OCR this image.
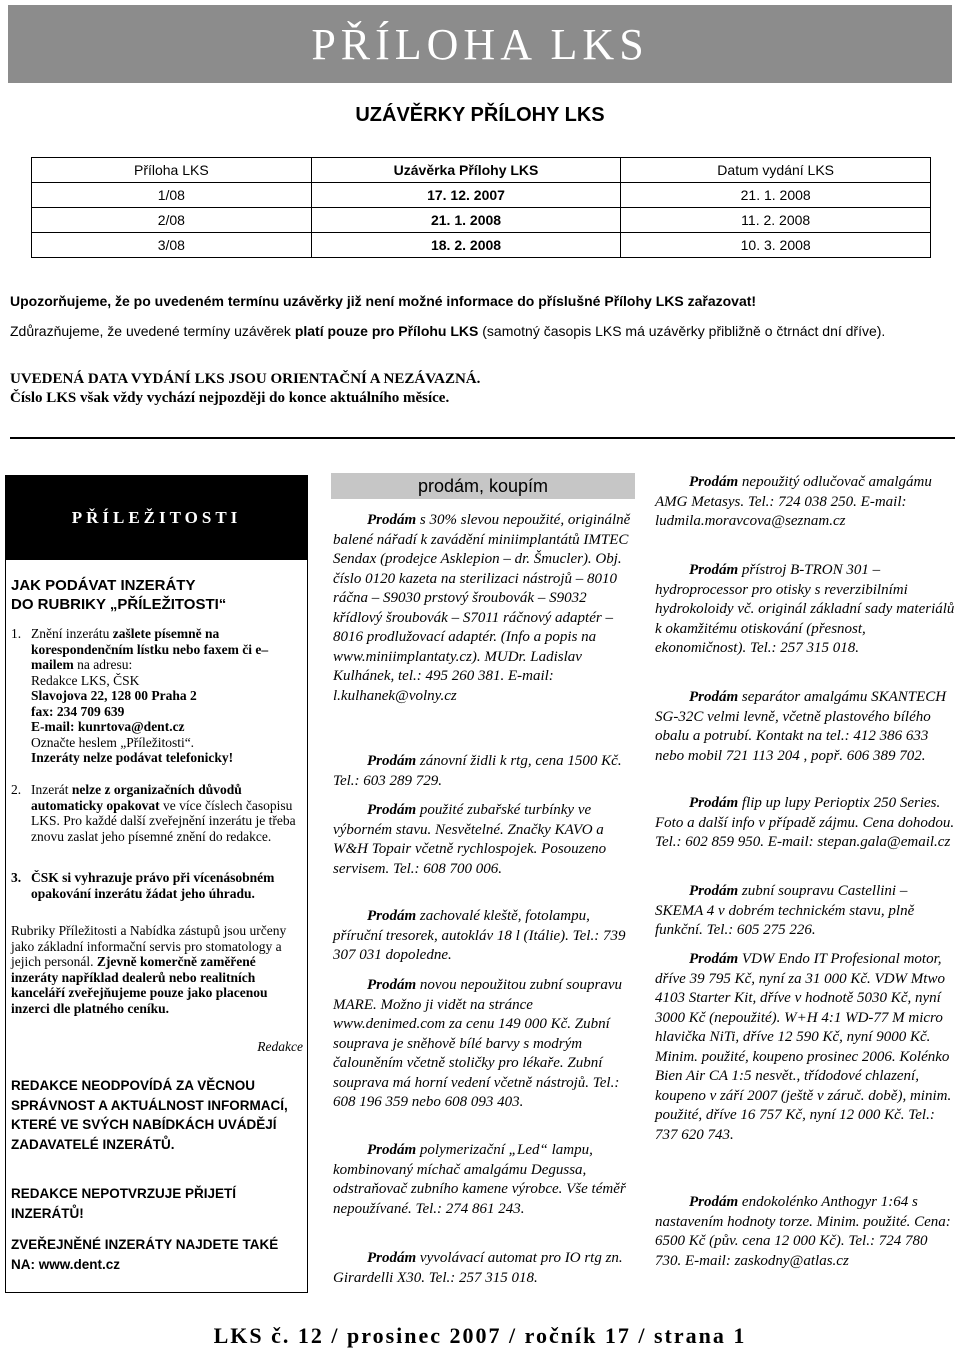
PŘÍLOHA LKS
UZÁVĚRKY PŘÍLOHY LKS
Příloha LKS	Uzávěrka Přílohy LKS	Datum vydání LKS
1/08	17. 12. 2007	21. 1. 2008
2/08	21. 1. 2008	11. 2. 2008
3/08	18. 2. 2008	10. 3. 2008
Upozorňujeme, že po uvedeném termínu uzávěrky již není možné informace do příslušné Přílohy LKS zařazovat!
Zdůrazňujeme, že uvedené termíny uzávěrek platí pouze pro Přílohu LKS (samotný časopis LKS má uzávěrky přibližně o čtrnáct dní dříve).
UVEDENÁ DATA VYDÁNÍ LKS JSOU ORIENTAČNÍ A NEZÁVAZNÁ.
Číslo LKS však vždy vychází nejpozději do konce aktuálního měsíce.
PŘÍLEŽITOSTI
JAK PODÁVAT INZERÁTY
DO RUBRIKY „PŘÍLEŽITOSTI“
1. Znění inzerátu zašlete písemně na korespondenčním lístku nebo faxem či e–mailem na adresu:
Redakce LKS, ČSK
Slavojova 22, 128 00 Praha 2
fax: 234 709 639
E-mail: kunrtova@dent.cz
Označte heslem „Příležitosti“.
Inzeráty nelze podávat telefonicky!
2. Inzerát nelze z organizačních důvodů automaticky opakovat ve více číslech časopisu LKS. Pro každé další zveřejnění inzerátu je třeba znovu zaslat jeho písemné znění do redakce.
3. ČSK si vyhrazuje právo při vícenásobném opakování inzerátu žádat jeho úhradu.
Rubriky Příležitosti a Nabídka zástupů jsou určeny jako základní informační servis pro stomatology a jejich personál. Zjevně komerčně zaměřené inzeráty například dealerů nebo realitních kanceláří zveřejňujeme pouze jako placenou inzerci dle platného ceníku.
Redakce
REDAKCE NEODPOVÍDÁ ZA VĚCNOU SPRÁVNOST A AKTUÁLNOST INFORMACÍ, KTERÉ VE SVÝCH NABÍDKÁCH UVÁDĚJÍ ZADAVATELÉ INZERÁTŮ.
REDAKCE NEPOTVRZUJE PŘIJETÍ INZERÁTŮ!
ZVEŘEJNĚNÉ INZERÁTY NAJDETE TAKÉ NA: www.dent.cz
prodám, koupím
Prodám s 30% slevou nepoužité, originálně balené nářadí k zavádění miniimplantátů IMTEC Sendax (prodejce Asklepion – dr. Šmucler). Obj. číslo 0120 kazeta na sterilizaci nástrojů – 8010 ráčna – S9030 prstový šroubovák – S9032 křídlový šroubovák – S7011 ráčnový adaptér – 8016 prodlužovací adaptér. (Info a popis na www.miniimplantaty.cz). MUDr. Ladislav Kulhánek, tel.: 495 260 381. E-mail: l.kulhanek@volny.cz
Prodám zánovní židli k rtg, cena 1500 Kč. Tel.: 603 289 729.
Prodám použité zubařské turbínky ve výborném stavu. Nesvětelné. Značky KAVO a W&H Topair včetně rychlospojek. Posouzeno servisem. Tel.: 608 700 006.
Prodám zachovalé kleště, fotolampu, příruční tresorek, autokláv 18 l (Itálie). Tel.: 739 307 031 dopoledne.
Prodám novou nepoužitou zubní soupravu MARE. Možno ji vidět na stránce www.denimed.com za cenu 149 000 Kč. Zubní souprava je sněhově bílé barvy s modrým čalouněním včetně stoličky pro lékaře. Zubní souprava má horní vedení včetně nástrojů. Tel.: 608 196 359 nebo 608 093 403.
Prodám polymerizační „Led“ lampu, kombinovaný míchač amalgámu Degussa, odstraňovač zubního kamene výrobce. Vše téměř nepoužívané. Tel.: 274 861 243.
Prodám vyvolávací automat pro IO rtg zn. Girardelli X30. Tel.: 257 315 018.
Prodám nepoužitý odlučovač amalgámu AMG Metasys. Tel.: 724 038 250. E-mail: ludmila.moravcova@seznam.cz
Prodám přístroj B-TRON 301 – hydroprocessor pro otisky s reverzibilními hydrokoloidy vč. originál základní sady materiálů k okamžitému otiskování (přesnost, ekonomičnost). Tel.: 257 315 018.
Prodám separátor amalgámu SKANTECH SG-32C velmi levně, včetně plastového bílého obalu a potrubí. Kontakt na tel.: 412 386 633 nebo mobil 721 113 204 , popř. 606 389 702.
Prodám flip up lupy Perioptix 250 Series. Foto a další info v případě zájmu. Cena dohodou. Tel.: 602 859 950. E-mail: stepan.gala@email.cz
Prodám zubní soupravu Castellini – SKEMA 4 v dobrém technickém stavu, plně funkční. Tel.: 605 275 226.
Prodám VDW Endo IT Profesional motor, dříve 39 795 Kč, nyní za 31 000 Kč. VDW Mtwo 4103 Starter Kit, dříve v hodnotě 5030 Kč, nyní 3000 Kč (nepoužité). W+H 4:1 WD-77 M micro hlavička NiTi, dříve 12 590 Kč, nyní 9000 Kč. Minim. použité, koupeno prosinec 2006. Kolénko Bien Air CA 1:5 nesvět., třídodové chlazení, koupeno v září 2007 (ještě v záruč. době), minim. použité, dříve 16 757 Kč, nyní 12 000 Kč. Tel.: 737 620 743.
Prodám endokolénko Anthogyr 1:64 s nastavením hodnoty torze. Minim. použité. Cena: 6500 Kč (pův. cena 12 000 Kč). Tel.: 724 780 730. E-mail: zaskodny@atlas.cz
LKS č. 12 / prosinec 2007 / ročník 17 / strana 1
